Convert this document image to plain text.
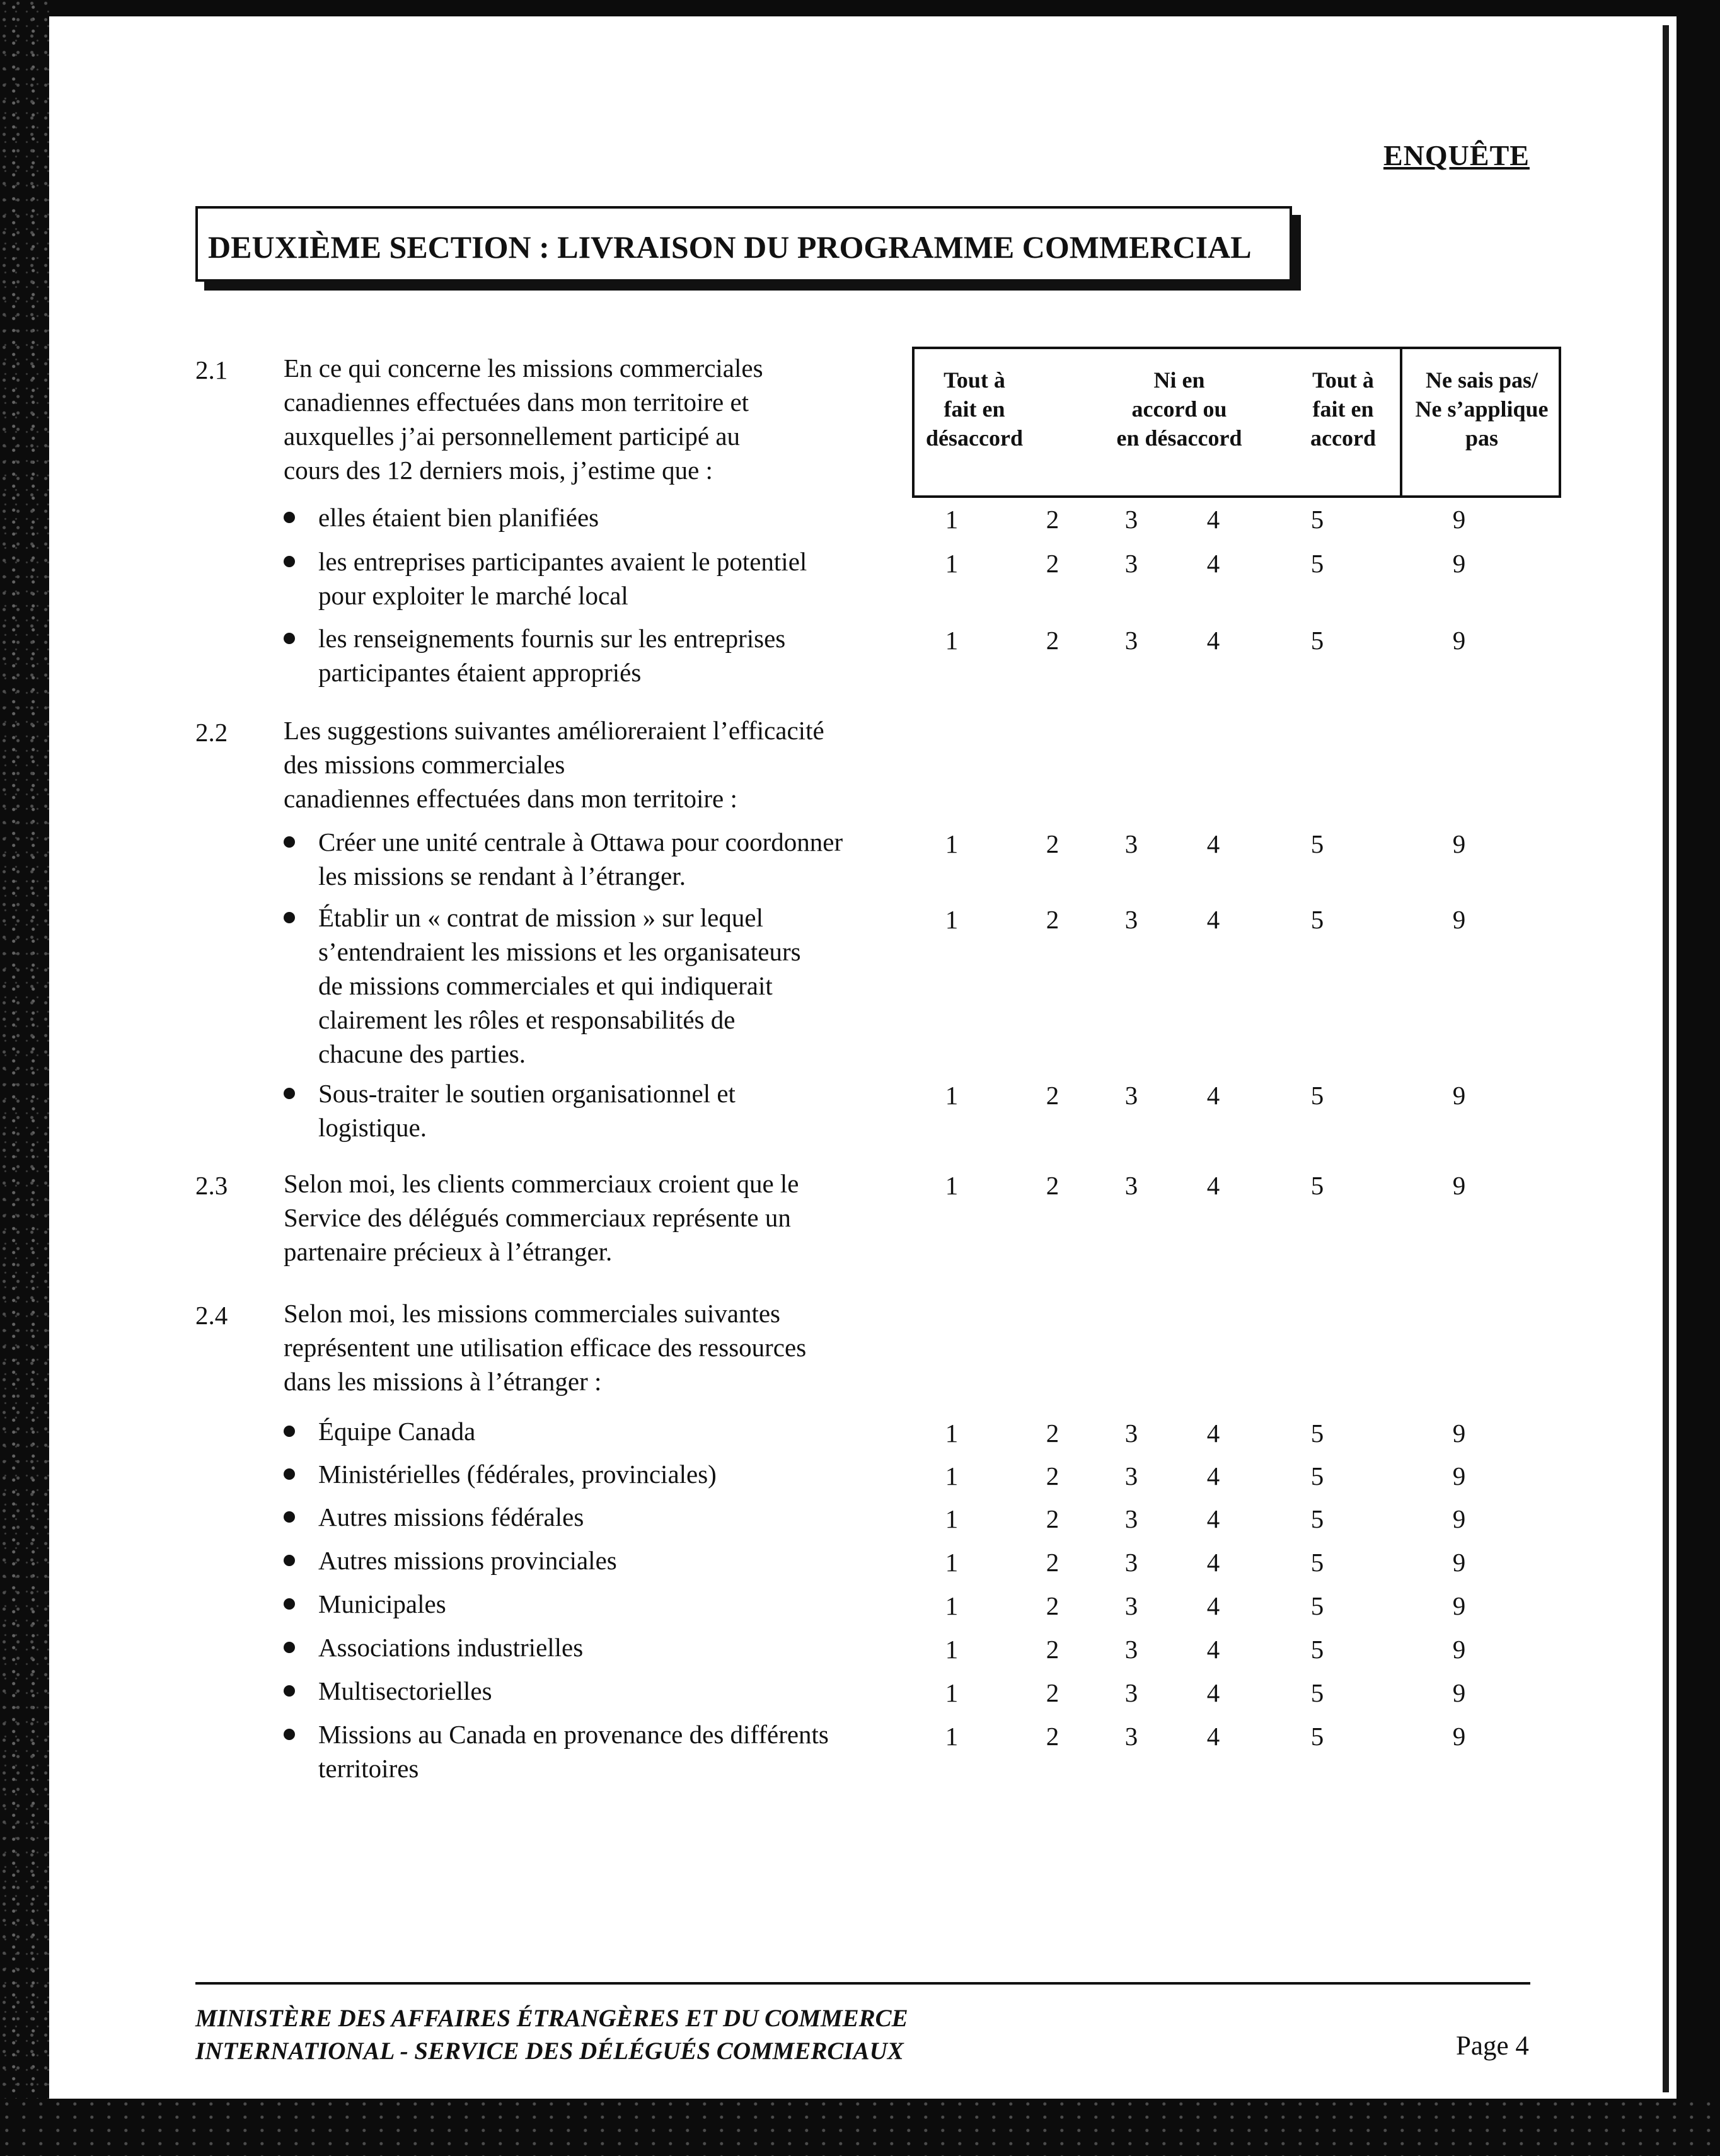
ENQUÊTE
DEUXIÈME SECTION : LIVRAISON DU PROGRAMME COMMERCIAL
Tout à
fait en
désaccord
Ni en
accord ou
en désaccord
Tout à
fait en
accord
Ne sais pas/
Ne s’applique
pas
2.1 En ce qui concerne les missions commerciales
canadiennes effectuées dans mon territoire et
auxquelles j’ai personnellement participé au
cours des 12 derniers mois, j’estime que :
elles étaient bien planifiées	1	2	3	4	5	9
les entreprises participantes avaient le potentiel
pour exploiter le marché local
1	2	3	4	5	9
les renseignements fournis sur les entreprises
participantes étaient appropriés
1	2	3	4	5	9
2.2 Les suggestions suivantes amélioreraient l’efficacité
des missions commerciales
canadiennes effectuées dans mon territoire :
Créer une unité centrale à Ottawa pour coordonner
les missions se rendant à l’étranger.
1	2	3	4	5	9
Établir un « contrat de mission » sur lequel
s’entendraient les missions et les organisateurs
de missions commerciales et qui indiquerait
clairement les rôles et responsabilités de
chacune des parties.
1	2	3	4	5	9
Sous-traiter le soutien organisationnel et
logistique.
1	2	3	4	5	9
2.3 Selon moi, les clients commerciaux croient que le
Service des délégués commerciaux représente un
partenaire précieux à l’étranger.
1	2	3	4	5	9
2.4 Selon moi, les missions commerciales suivantes
représentent une utilisation efficace des ressources
dans les missions à l’étranger :
Équipe Canada	1	2	3	4	5	9
Ministérielles (fédérales, provinciales)	1	2	3	4	5	9
Autres missions fédérales	1	2	3	4	5	9
Autres missions provinciales	1	2	3	4	5	9
Municipales	1	2	3	4	5	9
Associations industrielles	1	2	3	4	5	9
Multisectorielles	1	2	3	4	5	9
Missions au Canada en provenance des différents
territoires
1	2	3	4	5	9
MINISTÈRE DES AFFAIRES ÉTRANGÈRES ET DU COMMERCE
INTERNATIONAL - SERVICE DES DÉLÉGUÉS COMMERCIAUX	Page 4
